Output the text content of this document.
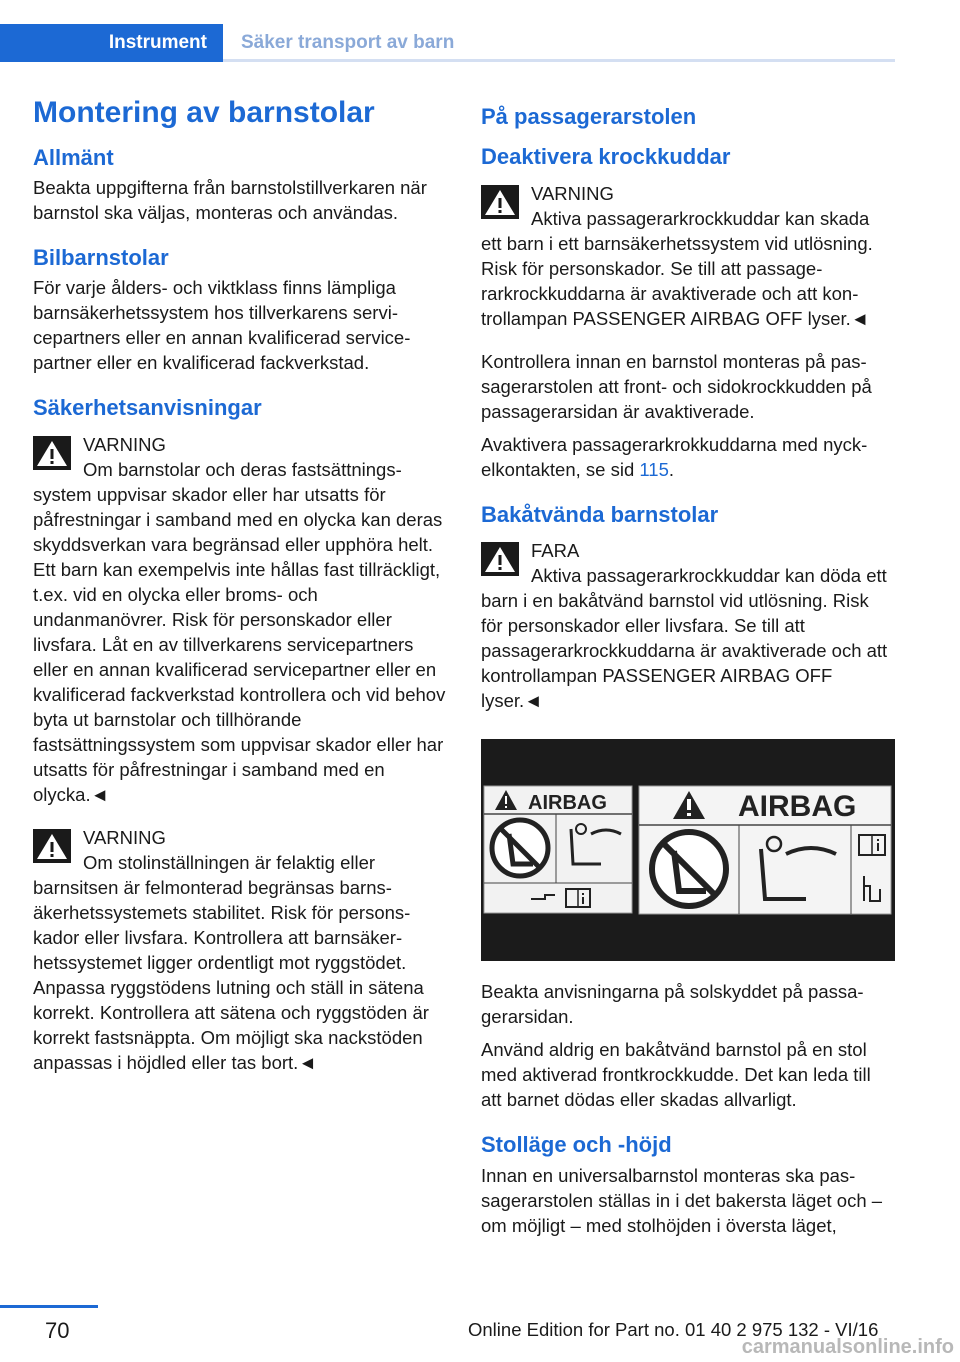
Instrument Säker transport av barn
Montering av barnstolar
Allmänt

Beakta uppgifterna från barnstolstillverkaren när barnstol ska väljas, monteras och användas.

Bilbarnstolar

För varje ålders- och viktklass finns lämpliga barnsäkerhetssystem hos tillverkarens servicepartners eller en annan kvalificerad servicepartner eller en kvalificerad fackverkstad.

Säkerhetsanvisningar
VARNING
Om barnstolar och deras fastsättningssystem uppvisar skador eller har utsatts för påfrestningar i samband med en olycka kan deras skyddsverkan vara begränsad eller upphöra helt. Ett barn kan exempelvis inte hållas fast tillräckligt, t.ex. vid en olycka eller broms- och undanmanövrer. Risk för personskador eller livsfara. Låt en av tillverkarens servicepartners eller en annan kvalificerad servicepartner eller en kvalificerad fackverkstad kontrollera och vid behov byta ut barnstolar och tillhörande fastsättningssystem som uppvisar skador eller har utsatts för påfrestningar i samband med en olycka.◄
VARNING
Om stolinställningen är felaktig eller barnsitsen är felmonterad begränsas barnsäkerhetssystemets stabilitet. Risk för personskador eller livsfara. Kontrollera att barnsäkerhetssystemet ligger ordentligt mot ryggstödet. Anpassa ryggstödens lutning och ställ in sätena korrekt. Kontrollera att sätena och ryggstöden är korrekt fastsnäppta. Om möjligt ska nackstöden anpassas i höjdled eller tas bort.◄
På passagerarstolen
Deaktivera krockkuddar
VARNING
Aktiva passagerarkrockkuddar kan skada ett barn i ett barnsäkerhetssystem vid utlösning. Risk för personskador. Se till att passagerarkrockkuddarna är avaktiverade och att kontrollampan PASSENGER AIRBAG OFF lyser.◄

Kontrollera innan en barnstol monteras på passagerarstolen att front- och sidokrockkudden på passagerarsidan är avaktiverade.

Avaktivera passagerarkrokkuddarna med nyckelkontakten, se sid 115.

Bakåtvända barnstolar
FARA
Aktiva passagerarkrockkuddar kan döda ett barn i en bakåtvänd barnstol vid utlösning. Risk för personskador eller livsfara. Se till att passagerarkrockkuddarna är avaktiverade och att kontrollampan PASSENGER AIRBAG OFF lyser.◄
AIRBAG	AIRBAG

Beakta anvisningarna på solskyddet på passagerarsidan.

Använd aldrig en bakåtvänd barnstol på en stol med aktiverad frontkrockkudde. Det kan leda till att barnet dödas eller skadas allvarligt.

Stolläge och -höjd

Innan en universalbarnstol monteras ska passagerarstolen ställas in i det bakersta läget och – om möjligt – med stolhöjden i översta läget,

70	Online Edition for Part no. 01 40 2 975 132 - VI/16
carmanualsonline.info
